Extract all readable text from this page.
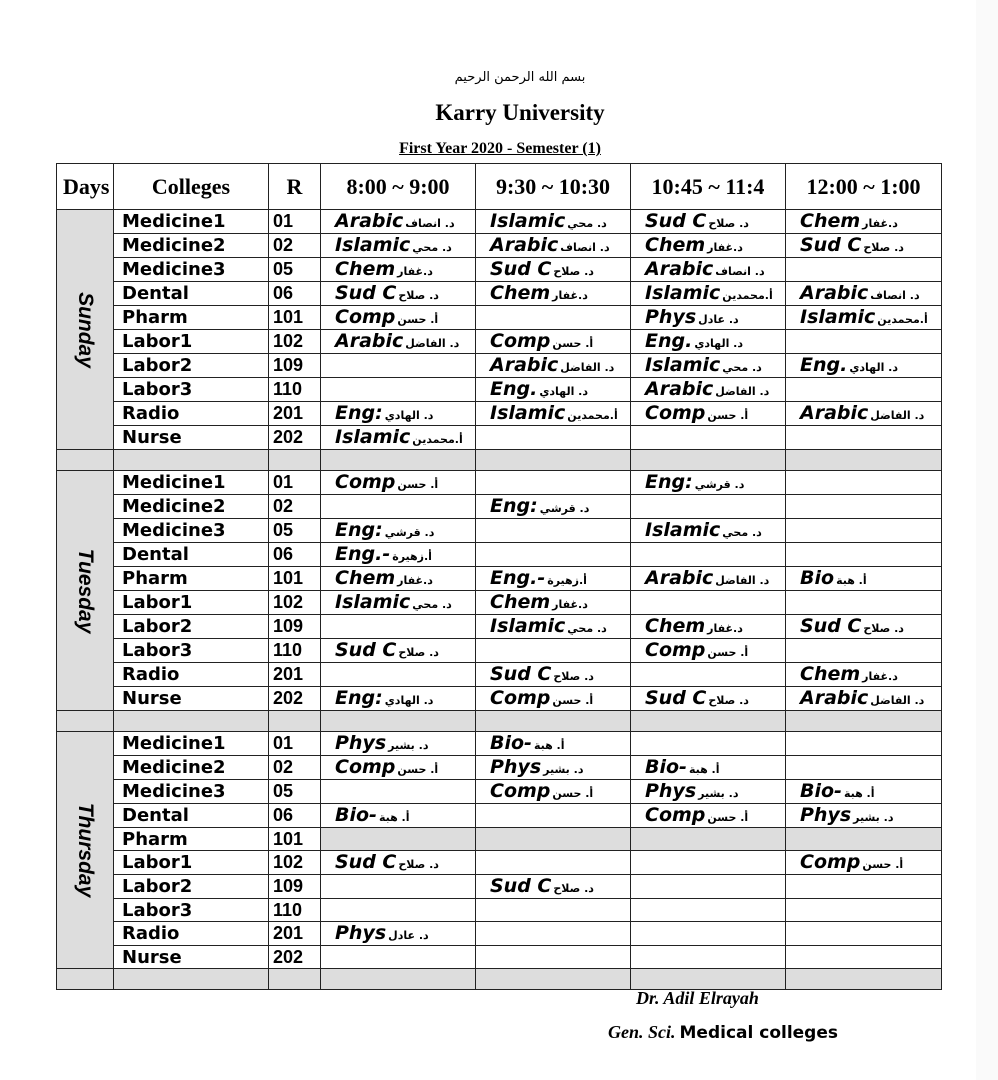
بسم الله الرحمن الرحيم
Karry University
First Year 2020 - Semester (1)
Days	Colleges	R	8:00 ~ 9:00	9:30 ~ 10:30	10:45 ~ 11:4	12:00 ~ 1:00

Sunday	Medicine1	01	Arabic د. انصاف	Islamic د. محي	Sud C د. صلاح	Chem د.غفار
	Medicine2	02	Islamic د. محي	Arabic د. انصاف	Chem د.غفار	Sud C د. صلاح
	Medicine3	05	Chem د.غفار	Sud C د. صلاح	Arabic د. انصاف	
	Dental	06	Sud C د. صلاح	Chem د.غفار	Islamic أ.محمدين	Arabic د. انصاف
	Pharm	101	Comp أ. حسن		Phys د. عادل	Islamic أ.محمدين
	Labor1	102	Arabic د. الفاضل	Comp أ. حسن	Eng. د. الهادي	
	Labor2	109		Arabic د. الفاضل	Islamic د. محي	Eng. د. الهادي
	Labor3	110		Eng. د. الهادي	Arabic د. الفاضل	
	Radio	201	Eng: د. الهادي	Islamic أ.محمدين	Comp أ. حسن	Arabic د. الفاضل
	Nurse	202	Islamic أ.محمدين			

Tuesday	Medicine1	01	Comp أ. حسن		Eng: د. قرشي	
	Medicine2	02		Eng: د. قرشي		
	Medicine3	05	Eng: د. قرشي		Islamic د. محي	
	Dental	06	Eng.- أ.زهيرة			
	Pharm	101	Chem د.غفار	Eng.- أ.زهيرة	Arabic د. الفاضل	Bio أ. هبة
	Labor1	102	Islamic د. محي	Chem د.غفار		
	Labor2	109		Islamic د. محي	Chem د.غفار	Sud C د. صلاح
	Labor3	110	Sud C د. صلاح		Comp أ. حسن	
	Radio	201		Sud C د. صلاح		Chem د.غفار
	Nurse	202	Eng: د. الهادي	Comp أ. حسن	Sud C د. صلاح	Arabic د. الفاضل

Thursday	Medicine1	01	Phys د. بشير	Bio- أ. هبة		
	Medicine2	02	Comp أ. حسن	Phys د. بشير	Bio- أ. هبة	
	Medicine3	05		Comp أ. حسن	Phys د. بشير	Bio- أ. هبة
	Dental	06	Bio- أ. هبة		Comp أ. حسن	Phys د. بشير
	Pharm	101				
	Labor1	102	Sud C د. صلاح			Comp أ. حسن
	Labor2	109		Sud C د. صلاح		
	Labor3	110				
	Radio	201	Phys د. عادل			
	Nurse	202				

Dr. Adil Elrayah
Gen. Sci. Medical colleges
